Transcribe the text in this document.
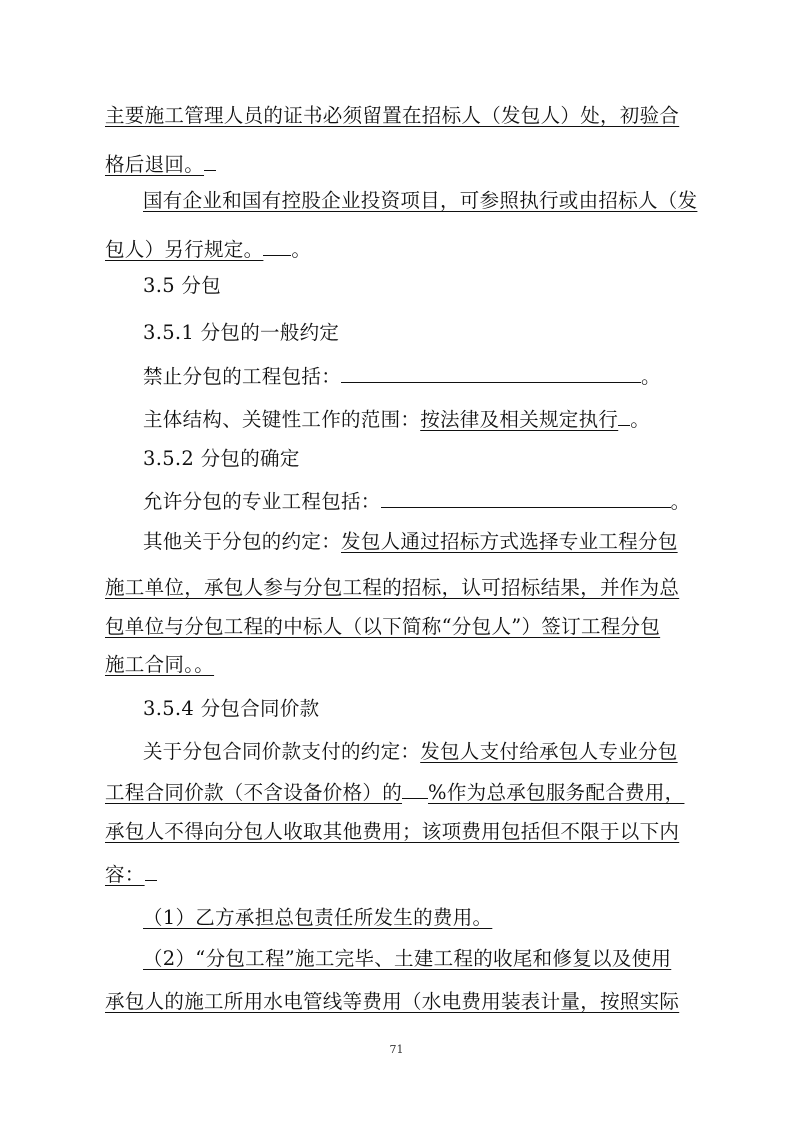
主要施工管理人员的证书必须留置在招标人（发包人）处，初验合
格后退回。
国有企业和国有控股企业投资项目，可参照执行或由招标人（发
包人）另行规定。 。
3.5 分包
3.5.1 分包的一般约定
禁止分包的工程包括：	。
主体结构、关键性工作的范围：按法律及相关规定执行 。
3.5.2 分包的确定
允许分包的专业工程包括：	。
其他关于分包的约定：发包人通过招标方式选择专业工程分包
施工单位，承包人参与分包工程的招标，认可招标结果，并作为总
包单位与分包工程的中标人（以下简称“分包人”）签订工程分包
施工合同。。
3.5.4 分包合同价款
关于分包合同价款支付的约定：发包人支付给承包人专业分包
工程合同价款（不含设备价格）的 %作为总承包服务配合费用，
承包人不得向分包人收取其他费用；该项费用包括但不限于以下内
容：
（1）乙方承担总包责任所发生的费用。
（2）“分包工程”施工完毕、土建工程的收尾和修复以及使用
承包人的施工所用水电管线等费用（水电费用装表计量，按照实际
71
